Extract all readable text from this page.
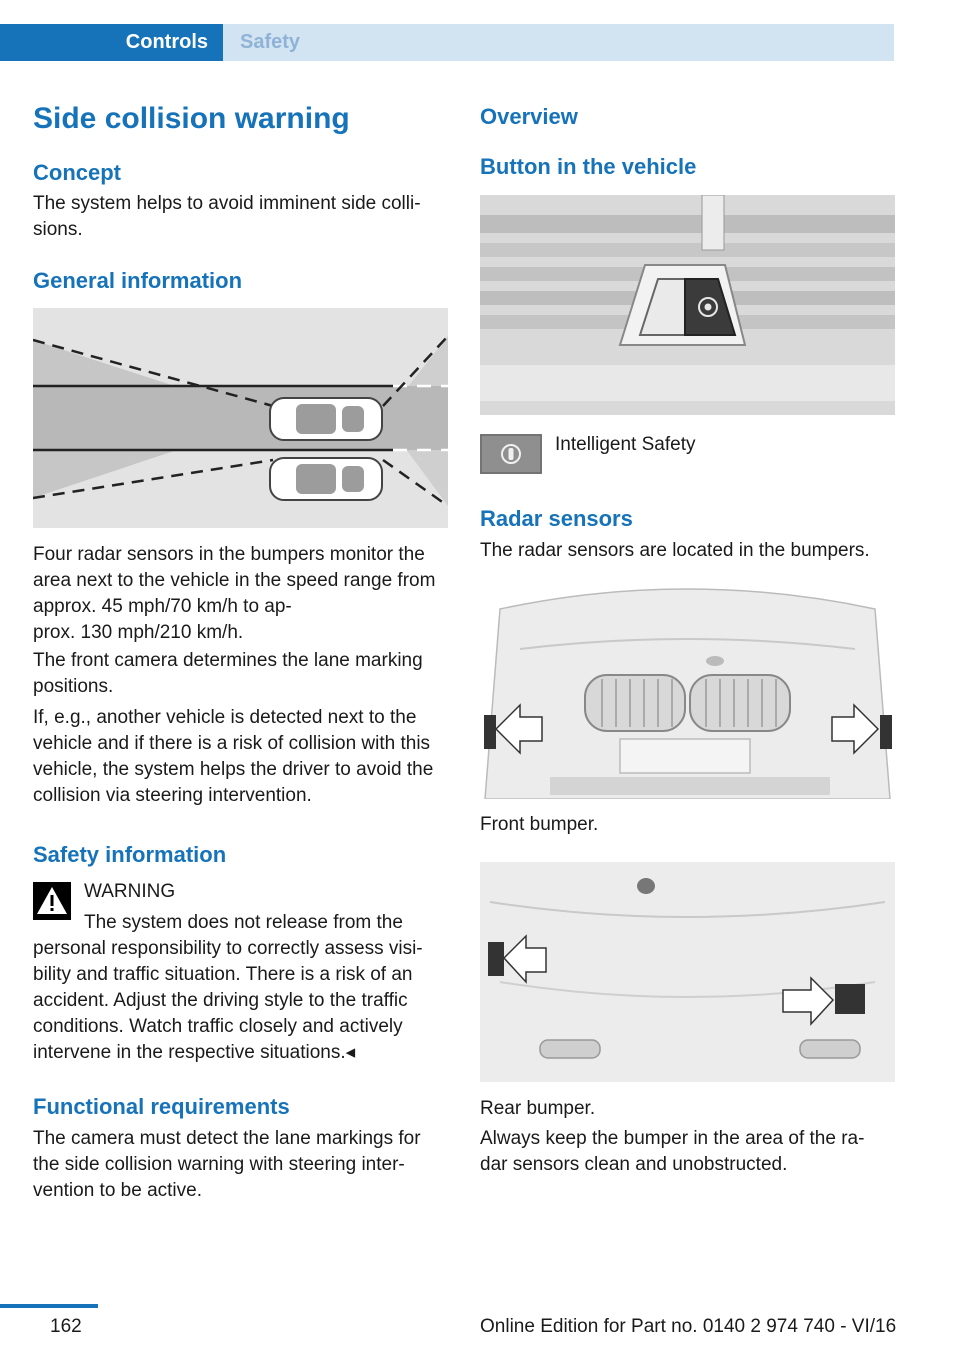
Controls	Safety
Side collision warning
Concept
The system helps to avoid imminent side colli-
sions.
General information
Four radar sensors in the bumpers monitor the area next to the vehicle in the speed range from approx. 45 mph/70 km/h to ap-
prox. 130 mph/210 km/h.
The front camera determines the lane marking positions.
If, e.g., another vehicle is detected next to the vehicle and if there is a risk of collision with this vehicle, the system helps the driver to avoid the collision via steering intervention.
Safety information
WARNING
The system does not release from the personal responsibility to correctly assess visi-
bility and traffic situation. There is a risk of an accident. Adjust the driving style to the traffic conditions. Watch traffic closely and actively intervene in the respective situations.◂
Functional requirements
The camera must detect the lane markings for the side collision warning with steering inter-
vention to be active.
Overview
Button in the vehicle
Intelligent Safety
Radar sensors
The radar sensors are located in the bumpers.
Front bumper.
Rear bumper.
Always keep the bumper in the area of the ra-
dar sensors clean and unobstructed.
162	Online Edition for Part no. 0140 2 974 740 - VI/16
